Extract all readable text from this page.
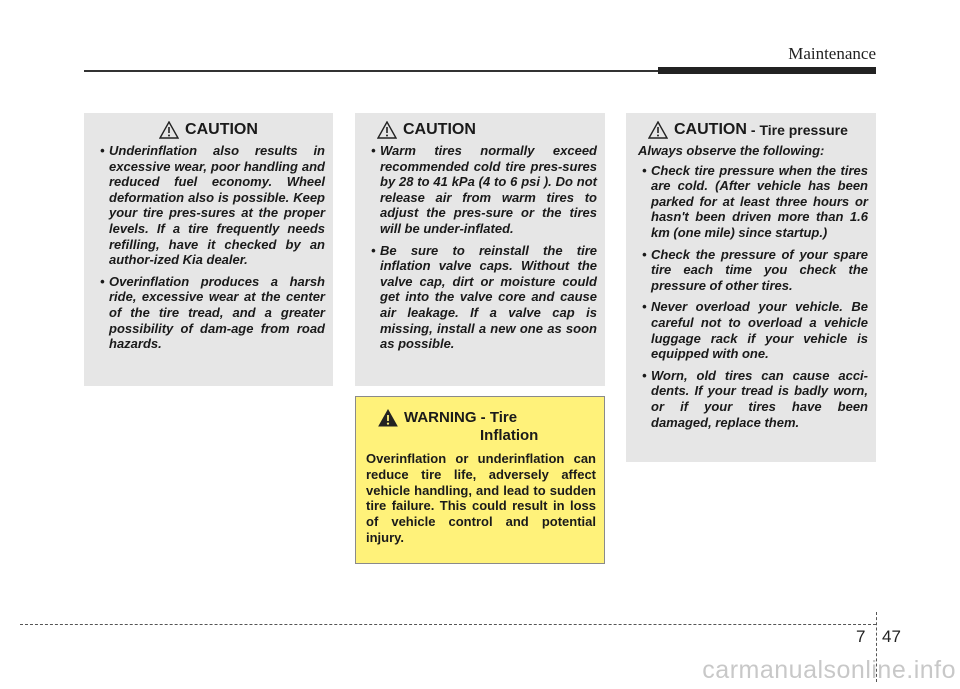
Maintenance
CAUTION
• Underinflation also results in excessive wear, poor handling and reduced fuel economy. Wheel deformation also is possible. Keep your tire pres-sures at the proper levels. If a tire frequently needs refilling, have it checked by an author-ized Kia dealer.
• Overinflation produces a harsh ride, excessive wear at the center of the tire tread, and a greater possibility of dam-age from road hazards.
CAUTION
• Warm tires normally exceed recommended cold tire pres-sures by 28 to 41 kPa (4 to 6 psi ). Do not release air from warm tires to adjust the pres-sure or the tires will be under-inflated.
• Be sure to reinstall the tire inflation valve caps. Without the valve cap, dirt or moisture could get into the valve core and cause air leakage. If a valve cap is missing, install a new one as soon as possible.
CAUTION - Tire pressure
Always observe the following:
• Check tire pressure when the tires are cold. (After vehicle has been parked for at least three hours or hasn't been driven more than 1.6 km (one mile) since startup.)
• Check the pressure of your spare tire each time you check the pressure of other tires.
• Never overload your vehicle. Be careful not to overload a vehicle luggage rack if your vehicle is equipped with one.
• Worn, old tires can cause acci-dents. If your tread is badly worn, or if your tires have been damaged, replace them.
WARNING - Tire
Inflation
Overinflation or underinflation can reduce tire life, adversely affect vehicle handling, and lead to sudden tire failure. This could result in loss of vehicle control and potential injury.
7 47
carmanualsonline.info
